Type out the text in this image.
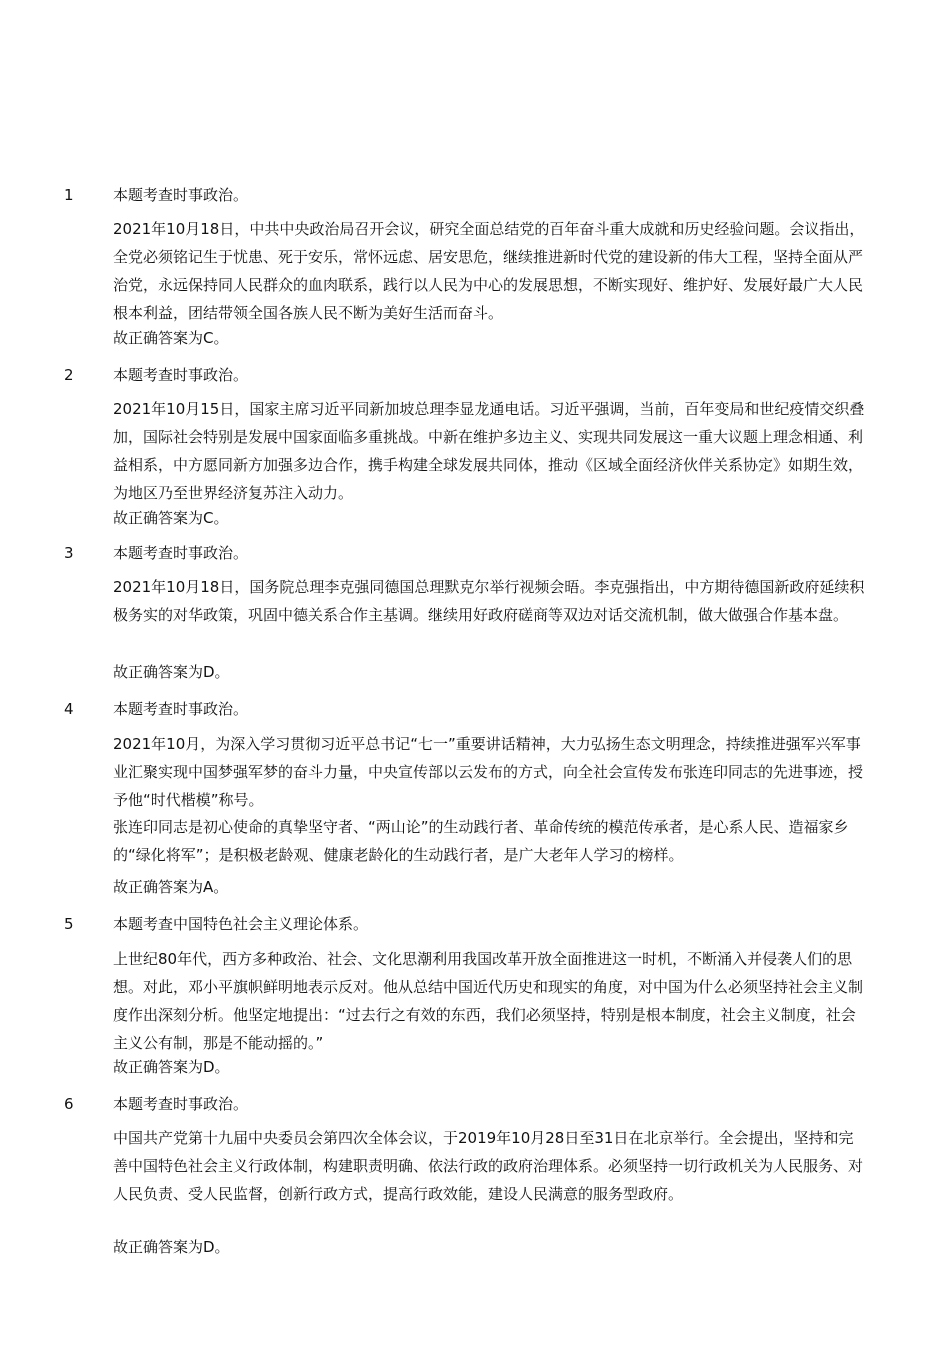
1	本题考查时事政治。

2021年10月18日，中共中央政治局召开会议，研究全面总结党的百年奋斗重大成就和历史经验问题。会议指出，全党必须铭记生于忧患、死于安乐，常怀远虑、居安思危，继续推进新时代党的建设新的伟大工程，坚持全面从严治党，永远保持同人民群众的血肉联系，践行以人民为中心的发展思想，不断实现好、维护好、发展好最广大人民根本利益，团结带领全国各族人民不断为美好生活而奋斗。

故正确答案为C。

2	本题考查时事政治。

2021年10月15日，国家主席习近平同新加坡总理李显龙通电话。习近平强调，当前，百年变局和世纪疫情交织叠加，国际社会特别是发展中国家面临多重挑战。中新在维护多边主义、实现共同发展这一重大议题上理念相通、利益相系，中方愿同新方加强多边合作，携手构建全球发展共同体，推动《区域全面经济伙伴关系协定》如期生效，为地区乃至世界经济复苏注入动力。

故正确答案为C。

3	本题考查时事政治。

2021年10月18日，国务院总理李克强同德国总理默克尔举行视频会晤。李克强指出，中方期待德国新政府延续积极务实的对华政策，巩固中德关系合作主基调。继续用好政府磋商等双边对话交流机制，做大做强合作基本盘。

故正确答案为D。

4	本题考查时事政治。

2021年10月，为深入学习贯彻习近平总书记“七一”重要讲话精神，大力弘扬生态文明理念，持续推进强军兴军事业汇聚实现中国梦强军梦的奋斗力量，中央宣传部以云发布的方式，向全社会宣传发布张连印同志的先进事迹，授予他“时代楷模”称号。

张连印同志是初心使命的真挚坚守者、“两山论”的生动践行者、革命传统的模范传承者，是心系人民、造福家乡的“绿化将军”；是积极老龄观、健康老龄化的生动践行者，是广大老年人学习的榜样。

故正确答案为A。

5	本题考查中国特色社会主义理论体系。

上世纪80年代，西方多种政治、社会、文化思潮利用我国改革开放全面推进这一时机，不断涌入并侵袭人们的思想。对此，邓小平旗帜鲜明地表示反对。他从总结中国近代历史和现实的角度，对中国为什么必须坚持社会主义制度作出深刻分析。他坚定地提出：“过去行之有效的东西，我们必须坚持，特别是根本制度，社会主义制度，社会主义公有制，那是不能动摇的。”

故正确答案为D。

6	本题考查时事政治。

中国共产党第十九届中央委员会第四次全体会议，于2019年10月28日至31日在北京举行。全会提出，坚持和完善中国特色社会主义行政体制，构建职责明确、依法行政的政府治理体系。必须坚持一切行政机关为人民服务、对人民负责、受人民监督，创新行政方式，提高行政效能，建设人民满意的服务型政府。

故正确答案为D。
